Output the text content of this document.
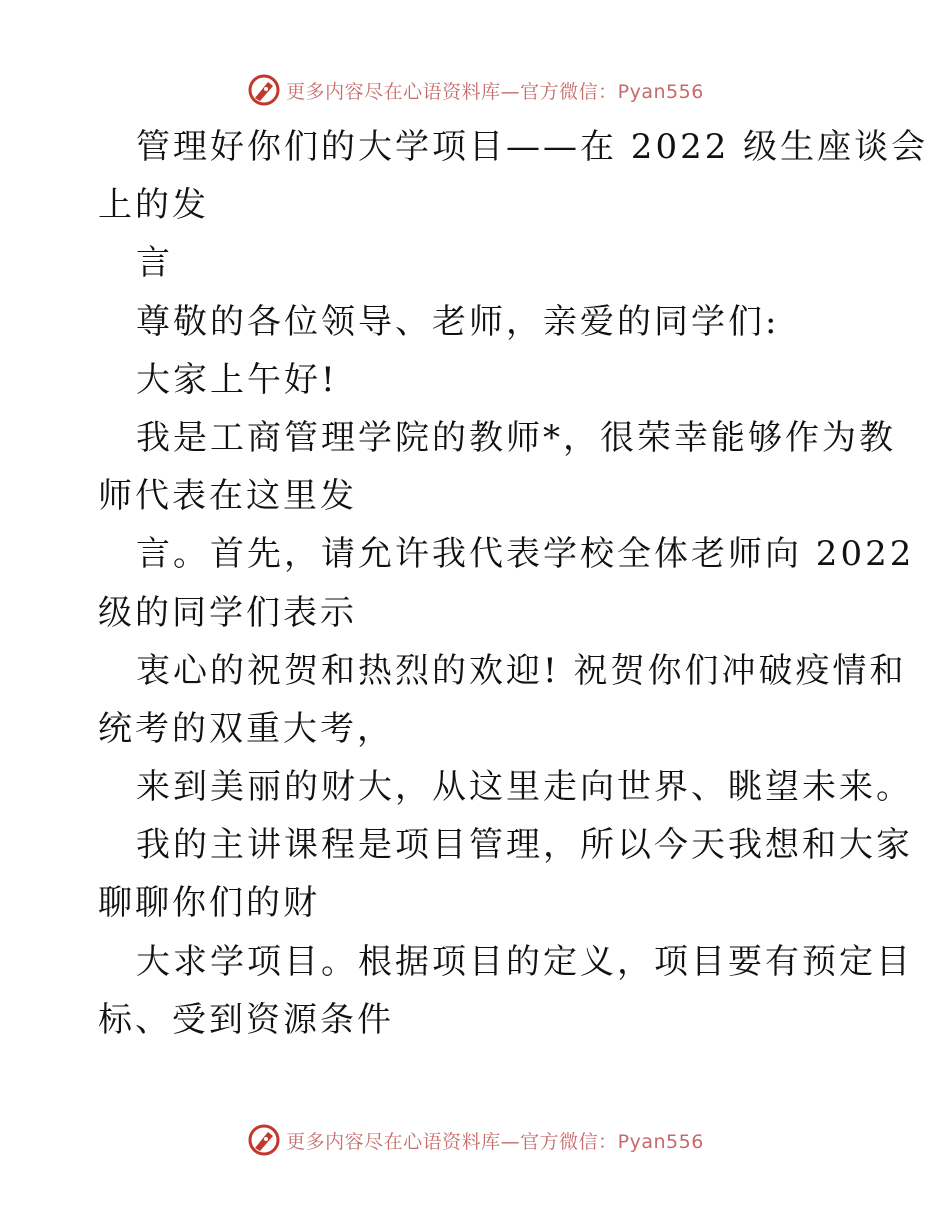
更多内容尽在心语资料库—官方微信：Pyan556
管理好你们的大学项目——在 2022 级生座谈会
上的发
言
尊敬的各位领导、老师，亲爱的同学们:
大家上午好!
我是工商管理学院的教师*，很荣幸能够作为教
师代表在这里发
言。首先，请允许我代表学校全体老师向 2022
级的同学们表示
衷心的祝贺和热烈的欢迎! 祝贺你们冲破疫情和
统考的双重大考，
来到美丽的财大，从这里走向世界、眺望未来。
我的主讲课程是项目管理，所以今天我想和大家
聊聊你们的财
大求学项目。根据项目的定义，项目要有预定目
标、受到资源条件
更多内容尽在心语资料库—官方微信：Pyan556
